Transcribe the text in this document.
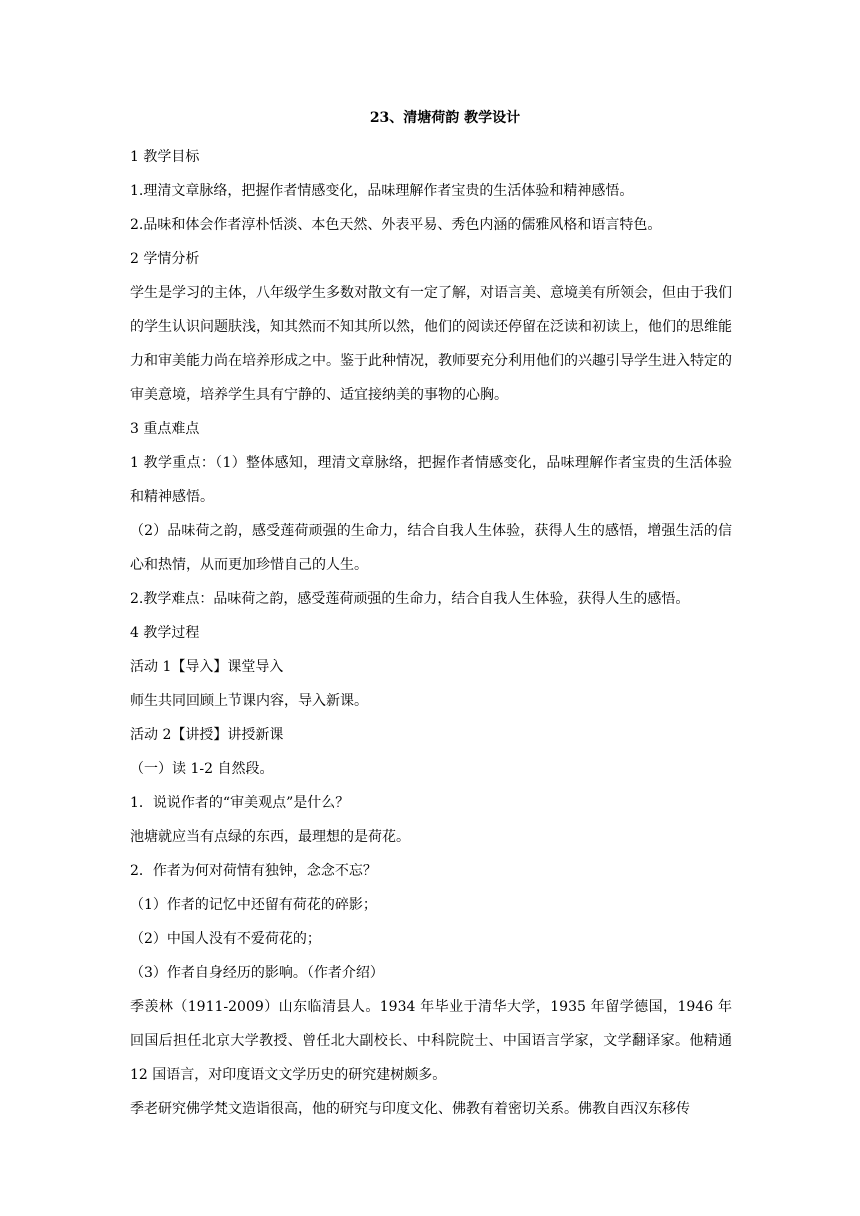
23、清塘荷韵 教学设计

1 教学目标

1.理清文章脉络，把握作者情感变化，品味理解作者宝贵的生活体验和精神感悟。

2.品味和体会作者淳朴恬淡、本色天然、外表平易、秀色内涵的儒雅风格和语言特色。

2 学情分析

学生是学习的主体，八年级学生多数对散文有一定了解，对语言美、意境美有所领会，但由于我们的学生认识问题肤浅，知其然而不知其所以然，他们的阅读还停留在泛读和初读上，他们的思维能力和审美能力尚在培养形成之中。鉴于此种情况，教师要充分利用他们的兴趣引导学生进入特定的审美意境，培养学生具有宁静的、适宜接纳美的事物的心胸。

3 重点难点

1 教学重点：（1）整体感知，理清文章脉络，把握作者情感变化，品味理解作者宝贵的生活体验和精神感悟。

（2）品味荷之韵，感受莲荷顽强的生命力，结合自我人生体验，获得人生的感悟，增强生活的信心和热情，从而更加珍惜自己的人生。

2.教学难点：品味荷之韵，感受莲荷顽强的生命力，结合自我人生体验，获得人生的感悟。

4 教学过程

活动 1【导入】课堂导入

师生共同回顾上节课内容，导入新课。

活动 2【讲授】讲授新课

（一）读 1-2 自然段。

1．说说作者的“审美观点”是什么？

池塘就应当有点绿的东西，最理想的是荷花。

2．作者为何对荷情有独钟，念念不忘？

（1）作者的记忆中还留有荷花的碎影；

（2）中国人没有不爱荷花的；

（3）作者自身经历的影响。（作者介绍）

季羡林（1911-2009）山东临清县人。1934 年毕业于清华大学，1935 年留学德国，1946 年回国后担任北京大学教授、曾任北大副校长、中科院院士、中国语言学家，文学翻译家。他精通 12 国语言，对印度语文文学历史的研究建树颇多。

季老研究佛学梵文造诣很高，他的研究与印度文化、佛教有着密切关系。佛教自西汉东移传
